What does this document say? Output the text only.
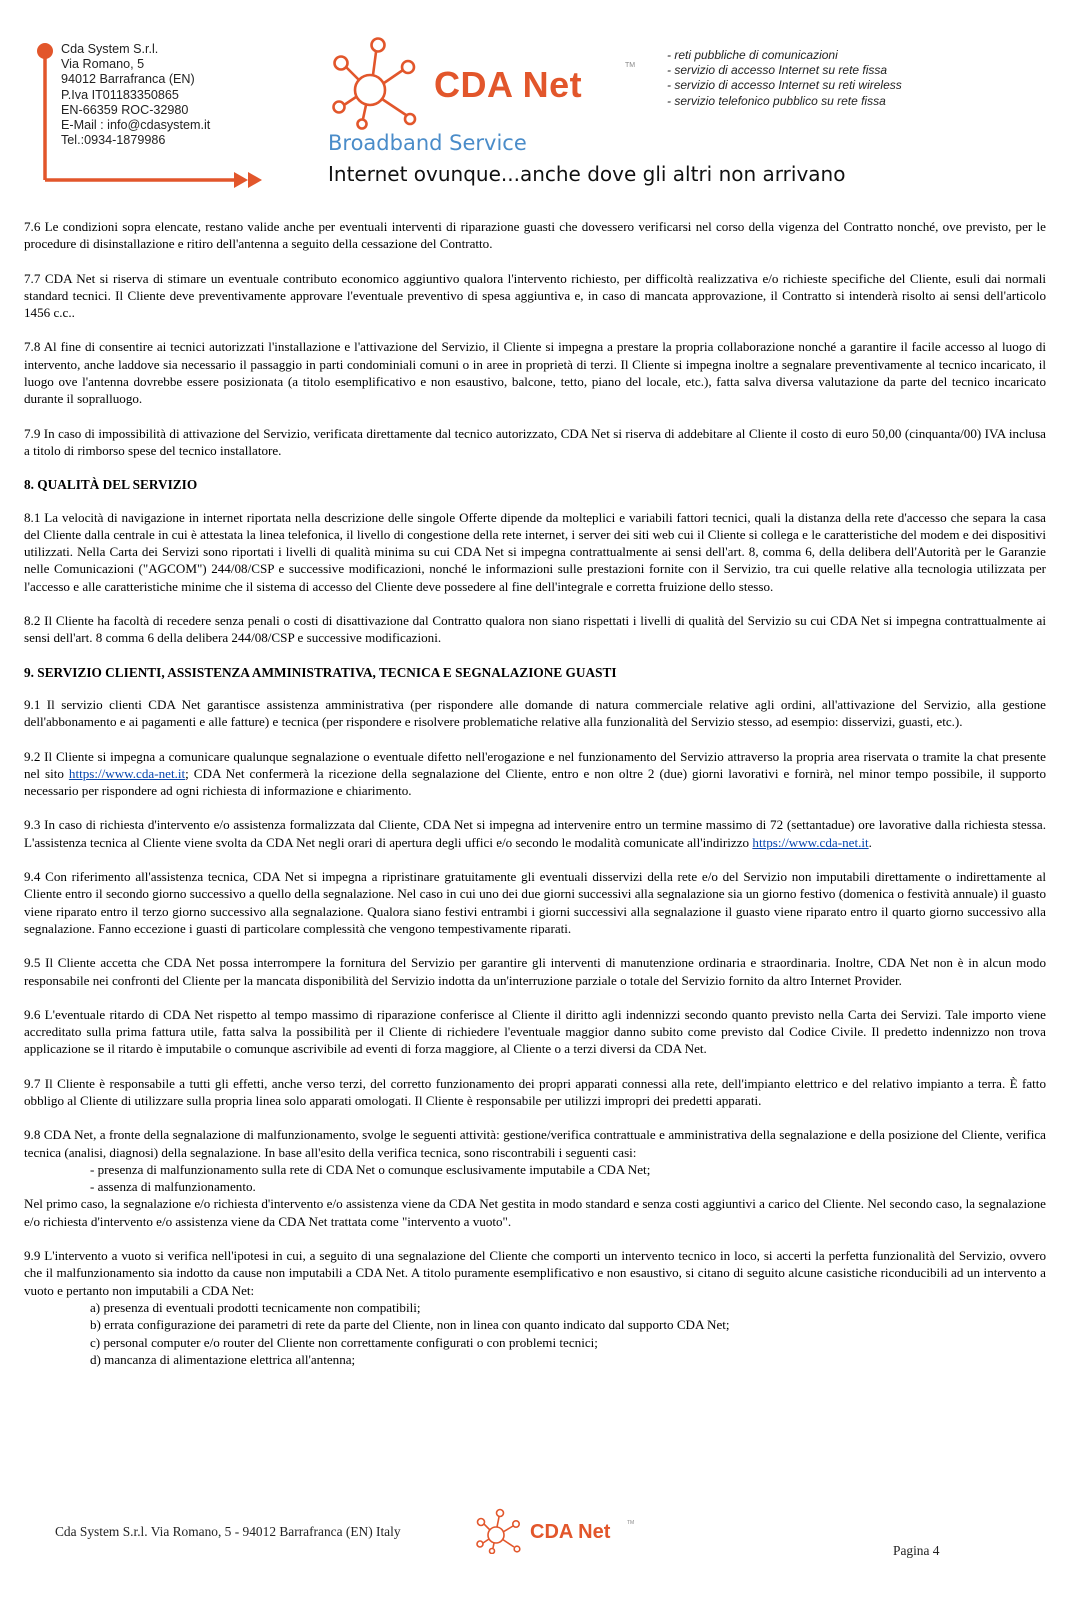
Cda System S.r.l.
Via Romano, 5
94012 Barrafranca (EN)
P.Iva IT01183350865
EN-66359 ROC-32980
E-Mail : info@cdasystem.it
Tel.:0934-1879986
CDA Net	TM
Broadband Service
Internet ovunque...anche dove gli altri non arrivano
- reti pubbliche di comunicazioni
- servizio di accesso Internet su rete fissa
- servizio di accesso Internet su reti wireless
- servizio telefonico pubblico su rete fissa

7.6 Le condizioni sopra elencate, restano valide anche per eventuali interventi di riparazione guasti che dovessero verificarsi nel corso della vigenza del Contratto nonché, ove previsto, per le procedure di disinstallazione e ritiro dell'antenna a seguito della cessazione del Contratto.

7.7 CDA Net si riserva di stimare un eventuale contributo economico aggiuntivo qualora l'intervento richiesto, per difficoltà realizzativa e/o richieste specifiche del Cliente, esuli dai normali standard tecnici. Il Cliente deve preventivamente approvare l'eventuale preventivo di spesa aggiuntiva e, in caso di mancata approvazione, il Contratto si intenderà risolto ai sensi dell'articolo 1456 c.c..

7.8 Al fine di consentire ai tecnici autorizzati l'installazione e l'attivazione del Servizio, il Cliente si impegna a prestare la propria collaborazione nonché a garantire il facile accesso al luogo di intervento, anche laddove sia necessario il passaggio in parti condominiali comuni o in aree in proprietà di terzi. Il Cliente si impegna inoltre a segnalare preventivamente al tecnico incaricato, il luogo ove l'antenna dovrebbe essere posizionata (a titolo esemplificativo e non esaustivo, balcone, tetto, piano del locale, etc.), fatta salva diversa valutazione da parte del tecnico incaricato durante il sopralluogo.

7.9 In caso di impossibilità di attivazione del Servizio, verificata direttamente dal tecnico autorizzato, CDA Net si riserva di addebitare al Cliente il costo di euro 50,00 (cinquanta/00) IVA inclusa a titolo di rimborso spese del tecnico installatore.

8. QUALITÀ DEL SERVIZIO

8.1 La velocità di navigazione in internet riportata nella descrizione delle singole Offerte dipende da molteplici e variabili fattori tecnici, quali la distanza della rete d'accesso che separa la casa del Cliente dalla centrale in cui è attestata la linea telefonica, il livello di congestione della rete internet, i server dei siti web cui il Cliente si collega e le caratteristiche del modem e dei dispositivi utilizzati. Nella Carta dei Servizi sono riportati i livelli di qualità minima su cui CDA Net si impegna contrattualmente ai sensi dell'art. 8, comma 6, della delibera dell'Autorità per le Garanzie nelle Comunicazioni ("AGCOM") 244/08/CSP e successive modificazioni, nonché le informazioni sulle prestazioni fornite con il Servizio, tra cui quelle relative alla tecnologia utilizzata per l'accesso e alle caratteristiche minime che il sistema di accesso del Cliente deve possedere al fine dell'integrale e corretta fruizione dello stesso.

8.2 Il Cliente ha facoltà di recedere senza penali o costi di disattivazione dal Contratto qualora non siano rispettati i livelli di qualità del Servizio su cui CDA Net si impegna contrattualmente ai sensi dell'art. 8 comma 6 della delibera 244/08/CSP e successive modificazioni.

9. SERVIZIO CLIENTI, ASSISTENZA AMMINISTRATIVA, TECNICA E SEGNALAZIONE GUASTI

9.1 Il servizio clienti CDA Net garantisce assistenza amministrativa (per rispondere alle domande di natura commerciale relative agli ordini, all'attivazione del Servizio, alla gestione dell'abbonamento e ai pagamenti e alle fatture) e tecnica (per rispondere e risolvere problematiche relative alla funzionalità del Servizio stesso, ad esempio: disservizi, guasti, etc.).

9.2 Il Cliente si impegna a comunicare qualunque segnalazione o eventuale difetto nell'erogazione e nel funzionamento del Servizio attraverso la propria area riservata o tramite la chat presente nel sito https://www.cda-net.it; CDA Net confermerà la ricezione della segnalazione del Cliente, entro e non oltre 2 (due) giorni lavorativi e fornirà, nel minor tempo possibile, il supporto necessario per rispondere ad ogni richiesta di informazione e chiarimento.

9.3 In caso di richiesta d'intervento e/o assistenza formalizzata dal Cliente, CDA Net si impegna ad intervenire entro un termine massimo di 72 (settantadue) ore lavorative dalla richiesta stessa. L'assistenza tecnica al Cliente viene svolta da CDA Net negli orari di apertura degli uffici e/o secondo le modalità comunicate all'indirizzo https://www.cda-net.it.

9.4 Con riferimento all'assistenza tecnica, CDA Net si impegna a ripristinare gratuitamente gli eventuali disservizi della rete e/o del Servizio non imputabili direttamente o indirettamente al Cliente entro il secondo giorno successivo a quello della segnalazione. Nel caso in cui uno dei due giorni successivi alla segnalazione sia un giorno festivo (domenica o festività annuale) il guasto viene riparato entro il terzo giorno successivo alla segnalazione. Qualora siano festivi entrambi i giorni successivi alla segnalazione il guasto viene riparato entro il quarto giorno successivo alla segnalazione. Fanno eccezione i guasti di particolare complessità che vengono tempestivamente riparati.

9.5 Il Cliente accetta che CDA Net possa interrompere la fornitura del Servizio per garantire gli interventi di manutenzione ordinaria e straordinaria. Inoltre, CDA Net non è in alcun modo responsabile nei confronti del Cliente per la mancata disponibilità del Servizio indotta da un'interruzione parziale o totale del Servizio fornito da altro Internet Provider.

9.6 L'eventuale ritardo di CDA Net rispetto al tempo massimo di riparazione conferisce al Cliente il diritto agli indennizzi secondo quanto previsto nella Carta dei Servizi. Tale importo viene accreditato sulla prima fattura utile, fatta salva la possibilità per il Cliente di richiedere l'eventuale maggior danno subito come previsto dal Codice Civile. Il predetto indennizzo non trova applicazione se il ritardo è imputabile o comunque ascrivibile ad eventi di forza maggiore, al Cliente o a terzi diversi da CDA Net.

9.7 Il Cliente è responsabile a tutti gli effetti, anche verso terzi, del corretto funzionamento dei propri apparati connessi alla rete, dell'impianto elettrico e del relativo impianto a terra. È fatto obbligo al Cliente di utilizzare sulla propria linea solo apparati omologati. Il Cliente è responsabile per utilizzi impropri dei predetti apparati.

9.8 CDA Net, a fronte della segnalazione di malfunzionamento, svolge le seguenti attività: gestione/verifica contrattuale e amministrativa della segnalazione e della posizione del Cliente, verifica tecnica (analisi, diagnosi) della segnalazione. In base all'esito della verifica tecnica, sono riscontrabili i seguenti casi:

- presenza di malfunzionamento sulla rete di CDA Net o comunque esclusivamente imputabile a CDA Net;

- assenza di malfunzionamento.

Nel primo caso, la segnalazione e/o richiesta d'intervento e/o assistenza viene da CDA Net gestita in modo standard e senza costi aggiuntivi a carico del Cliente. Nel secondo caso, la segnalazione e/o richiesta d'intervento e/o assistenza viene da CDA Net trattata come "intervento a vuoto".

9.9 L'intervento a vuoto si verifica nell'ipotesi in cui, a seguito di una segnalazione del Cliente che comporti un intervento tecnico in loco, si accerti la perfetta funzionalità del Servizio, ovvero che il malfunzionamento sia indotto da cause non imputabili a CDA Net. A titolo puramente esemplificativo e non esaustivo, si citano di seguito alcune casistiche riconducibili ad un intervento a vuoto e pertanto non imputabili a CDA Net:

a) presenza di eventuali prodotti tecnicamente non compatibili;

b) errata configurazione dei parametri di rete da parte del Cliente, non in linea con quanto indicato dal supporto CDA Net;

c) personal computer e/o router del Cliente non correttamente configurati o con problemi tecnici;

d) mancanza di alimentazione elettrica all'antenna;

Cda System S.r.l. Via Romano, 5 - 94012 Barrafranca (EN) Italy	CDA Net	TM
Pagina 4
